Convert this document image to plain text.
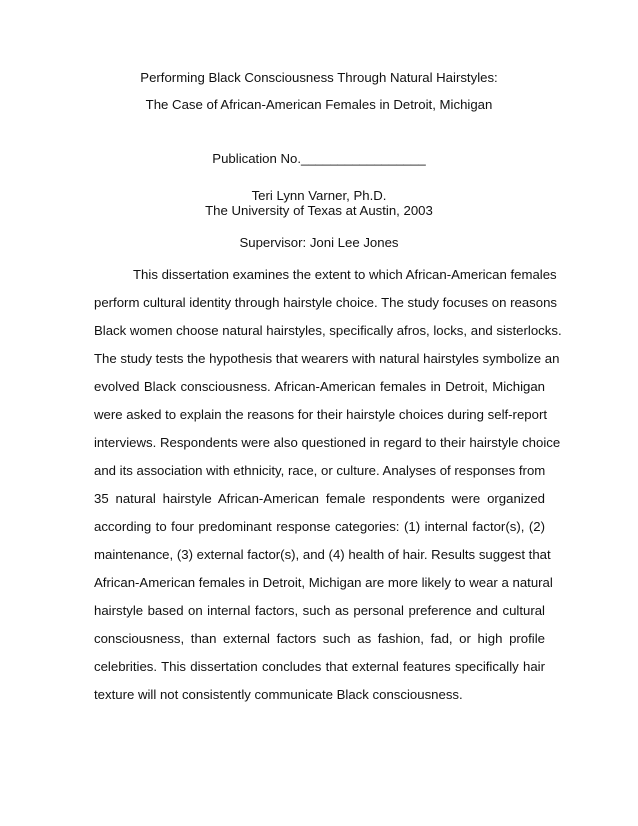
Performing Black Consciousness Through Natural Hairstyles:
The Case of African-American Females in Detroit, Michigan
Publication No._________________
Teri Lynn Varner, Ph.D.
The University of Texas at Austin, 2003
Supervisor: Joni Lee Jones
This dissertation examines the extent to which African-American females
perform cultural identity through hairstyle choice. The study focuses on reasons
Black women choose natural hairstyles, specifically afros, locks, and sisterlocks.
The study tests the hypothesis that wearers with natural hairstyles symbolize an
evolved Black consciousness. African-American females in Detroit, Michigan
were asked to explain the reasons for their hairstyle choices during self-report
interviews. Respondents were also questioned in regard to their hairstyle choice
and its association with ethnicity, race, or culture. Analyses of responses from
35 natural hairstyle African-American female respondents were organized
according to four predominant response categories: (1) internal factor(s), (2)
maintenance, (3) external factor(s), and (4) health of hair. Results suggest that
African-American females in Detroit, Michigan are more likely to wear a natural
hairstyle based on internal factors, such as personal preference and cultural
consciousness, than external factors such as fashion, fad, or high profile
celebrities. This dissertation concludes that external features specifically hair
texture will not consistently communicate Black consciousness.
